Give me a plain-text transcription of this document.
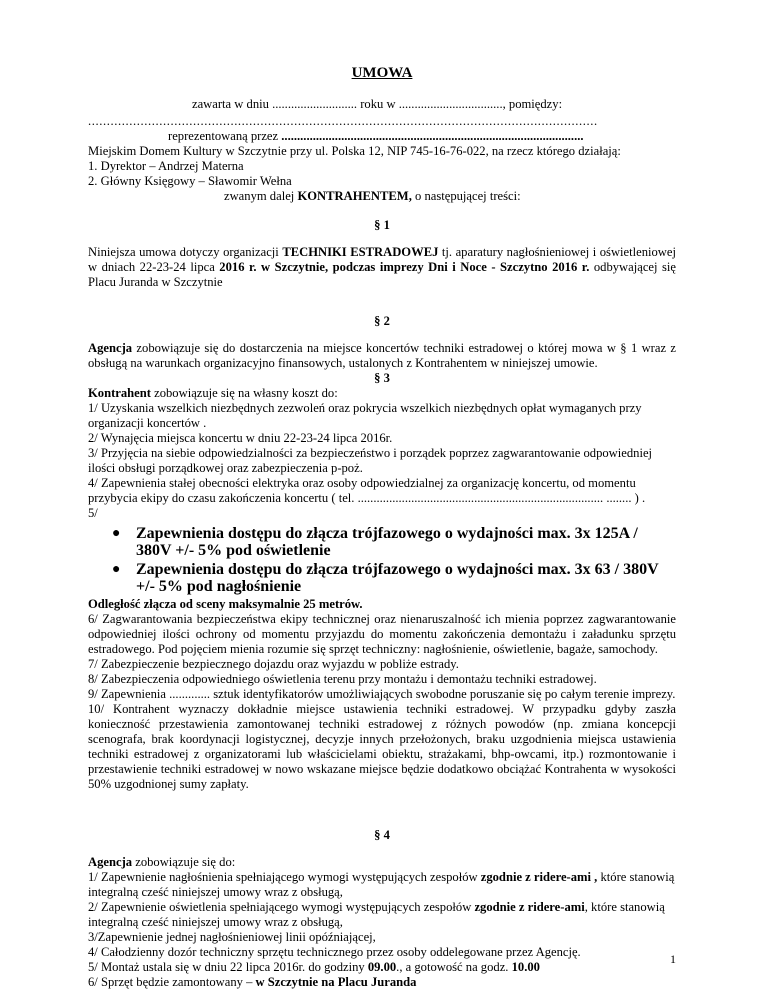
UMOWA

zawarta w dniu ........................... roku w ................................., pomiędzy:

........................................................................................................................................

reprezentowaną przez ................................................................................................

Miejskim Domem Kultury w Szczytnie przy ul. Polska 12, NIP 745-16-76-022, na rzecz którego działają:

1. Dyrektor – Andrzej Materna

2. Główny Księgowy – Sławomir Wełna

zwanym dalej KONTRAHENTEM, o następującej treści:

§ 1

Niniejsza umowa dotyczy organizacji TECHNIKI ESTRADOWEJ tj. aparatury nagłośnieniowej i oświetleniowej w dniach 22-23-24 lipca 2016 r. w Szczytnie, podczas imprezy Dni i Noce - Szczytno 2016 r. odbywającej się Placu Juranda w Szczytnie

§ 2

Agencja zobowiązuje się do dostarczenia na miejsce koncertów techniki estradowej o której mowa w § 1 wraz z obsługą na warunkach organizacyjno finansowych, ustalonych z Kontrahentem w niniejszej umowie.

§ 3

Kontrahent zobowiązuje się na własny koszt do:

1/ Uzyskania wszelkich niezbędnych zezwoleń oraz pokrycia wszelkich niezbędnych opłat wymaganych przy organizacji koncertów .

2/ Wynajęcia miejsca koncertu w dniu 22-23-24 lipca 2016r.

3/ Przyjęcia na siebie odpowiedzialności za bezpieczeństwo i porządek poprzez zagwarantowanie odpowiedniej ilości obsługi porządkowej oraz zabezpieczenia p-poż.

4/ Zapewnienia stałej obecności elektryka oraz osoby odpowiedzialnej za organizację koncertu, od momentu przybycia ekipy do czasu zakończenia koncertu ( tel. .............................................................................. ........ ) .

5/

● Zapewnienia dostępu do złącza trójfazowego o wydajności max. 3x 125A / 380V +/- 5% pod oświetlenie
● Zapewnienia dostępu do złącza trójfazowego o wydajności max. 3x 63 / 380V +/- 5% pod nagłośnienie

Odległość złącza od sceny maksymalnie 25 metrów.

6/ Zagwarantowania bezpieczeństwa ekipy technicznej oraz nienaruszalność ich mienia poprzez zagwarantowanie odpowiedniej ilości ochrony od momentu przyjazdu do momentu zakończenia demontażu i załadunku sprzętu estradowego. Pod pojęciem mienia rozumie się sprzęt techniczny: nagłośnienie, oświetlenie, bagaże, samochody.

7/ Zabezpieczenie bezpiecznego dojazdu oraz wyjazdu w pobliże estrady.

8/ Zabezpieczenia odpowiedniego oświetlenia terenu przy montażu i demontażu techniki estradowej.

9/ Zapewnienia ............. sztuk identyfikatorów umożliwiających swobodne poruszanie się po całym terenie imprezy.

10/ Kontrahent wyznaczy dokładnie miejsce ustawienia techniki estradowej. W przypadku gdyby zaszła konieczność przestawienia zamontowanej techniki estradowej z różnych powodów (np. zmiana koncepcji scenografa, brak koordynacji logistycznej, decyzje innych przełożonych, braku uzgodnienia miejsca ustawienia techniki estradowej z organizatorami lub właścicielami obiektu, strażakami, bhp-owcami, itp.) rozmontowanie i przestawienie techniki estradowej w nowo wskazane miejsce będzie dodatkowo obciążać Kontrahenta w wysokości 50% uzgodnionej sumy zapłaty.

§ 4

Agencja zobowiązuje się do:

1/ Zapewnienie nagłośnienia spełniającego wymogi występujących zespołów zgodnie z ridere-ami , które stanowią integralną cześć niniejszej umowy wraz z obsługą,

2/ Zapewnienie oświetlenia spełniającego wymogi występujących zespołów zgodnie z ridere-ami, które stanowią integralną cześć niniejszej umowy wraz z obsługą,

3/Zapewnienie jednej nagłośnieniowej linii opóźniającej,

4/ Całodzienny dozór techniczny sprzętu technicznego przez osoby oddelegowane przez Agencję.

5/ Montaż ustala się w dniu 22 lipca 2016r. do godziny 09.00., a gotowość na godz. 10.00

6/ Sprzęt będzie zamontowany – w Szczytnie na Placu Juranda

1
